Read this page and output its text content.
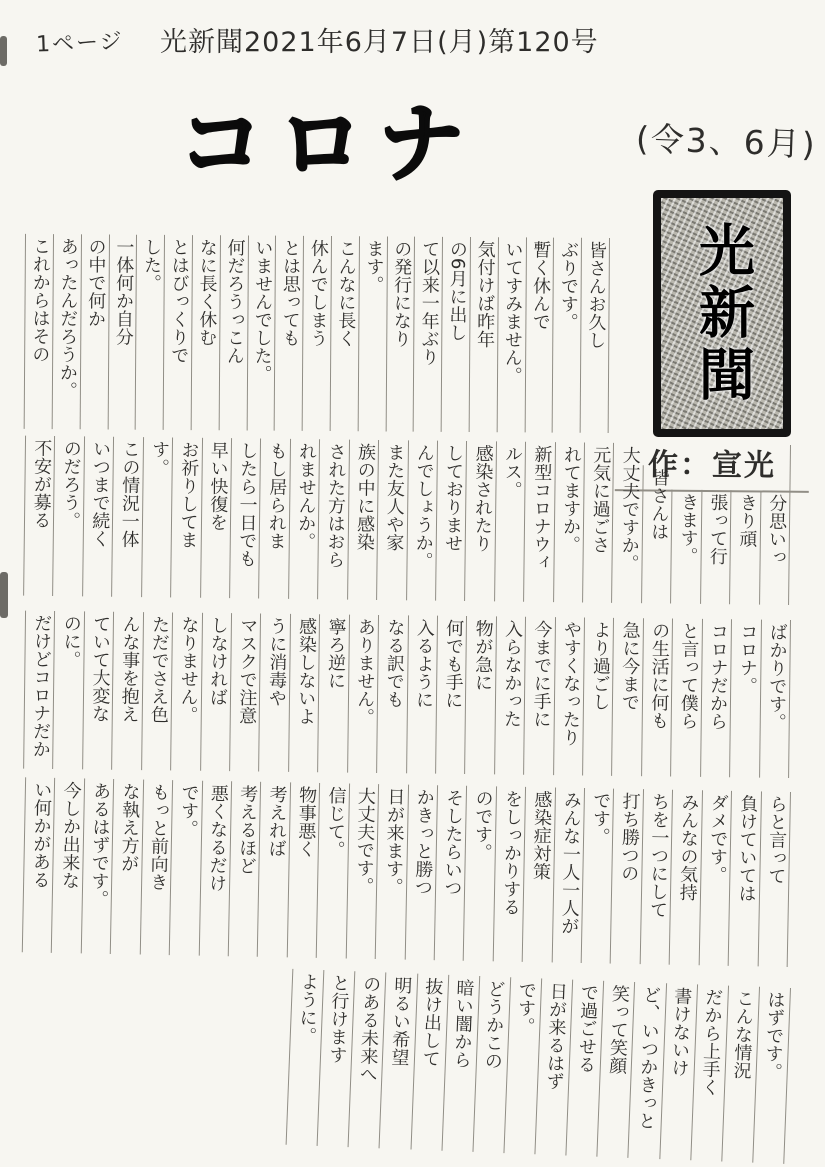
1ページ 光新聞2021年6月7日(月)第120号
コロナ	(令3、6月)
光新聞
作：宣光
皆さんお久し
ぶりです。
暫く休んで
いてすみません。
気付けば昨年
の6月に出し
て以来一年ぶり
の発行になり
ます。
こんなに長く
休んでしまう
とは思っても
いませんでした。
何だろうっこん
なに長く休む
とはびっくりで
した。
一体何か自分
の中で何か
あったんだろうか。
これからはその
分思いっ
きり頑
張って行
きます。
皆さんは
大丈夫ですか。
元気に過ごさ
れてますか。
新型コロナウィ
ルス。
感染されたり
しておりませ
んでしょうか。
また友人や家
族の中に感染
された方はおら
れませんか。
もし居られま
したら一日でも
早い快復を
お祈りしてま
す。
この情況一体
いつまで続く
のだろう。
不安が募る
ばかりです。
コロナ。
コロナだから
と言って僕ら
の生活に何も
急に今まで
より過ごし
やすくなったり
今までに手に
入らなかった
物が急に
何でも手に
入るように
なる訳でも
ありません。
寧ろ逆に
感染しないよ
うに消毒や
マスクで注意
しなければ
なりません。
ただでさえ色
んな事を抱え
ていて大変な
のに。
だけどコロナだか
らと言って
負けていては
ダメです。
みんなの気持
ちを一つにして
打ち勝つの
です。
みんな一人一人が
感染症対策
をしっかりする
のです。
そしたらいつ
かきっと勝つ
日が来ます。
大丈夫です。
信じて。
物事悪く
考えれば
考えるほど
悪くなるだけ
です。
もっと前向き
な執え方が
あるはずです。
今しか出来な
い何かがある
はずです。
こんな情況
だから上手く
書けないけ
ど、いつかきっと
笑って笑顔
で過ごせる
日が来るはず
です。
どうかこの
暗い闇から
抜け出して
明るい希望
のある未来へ
と行けます
ように。
